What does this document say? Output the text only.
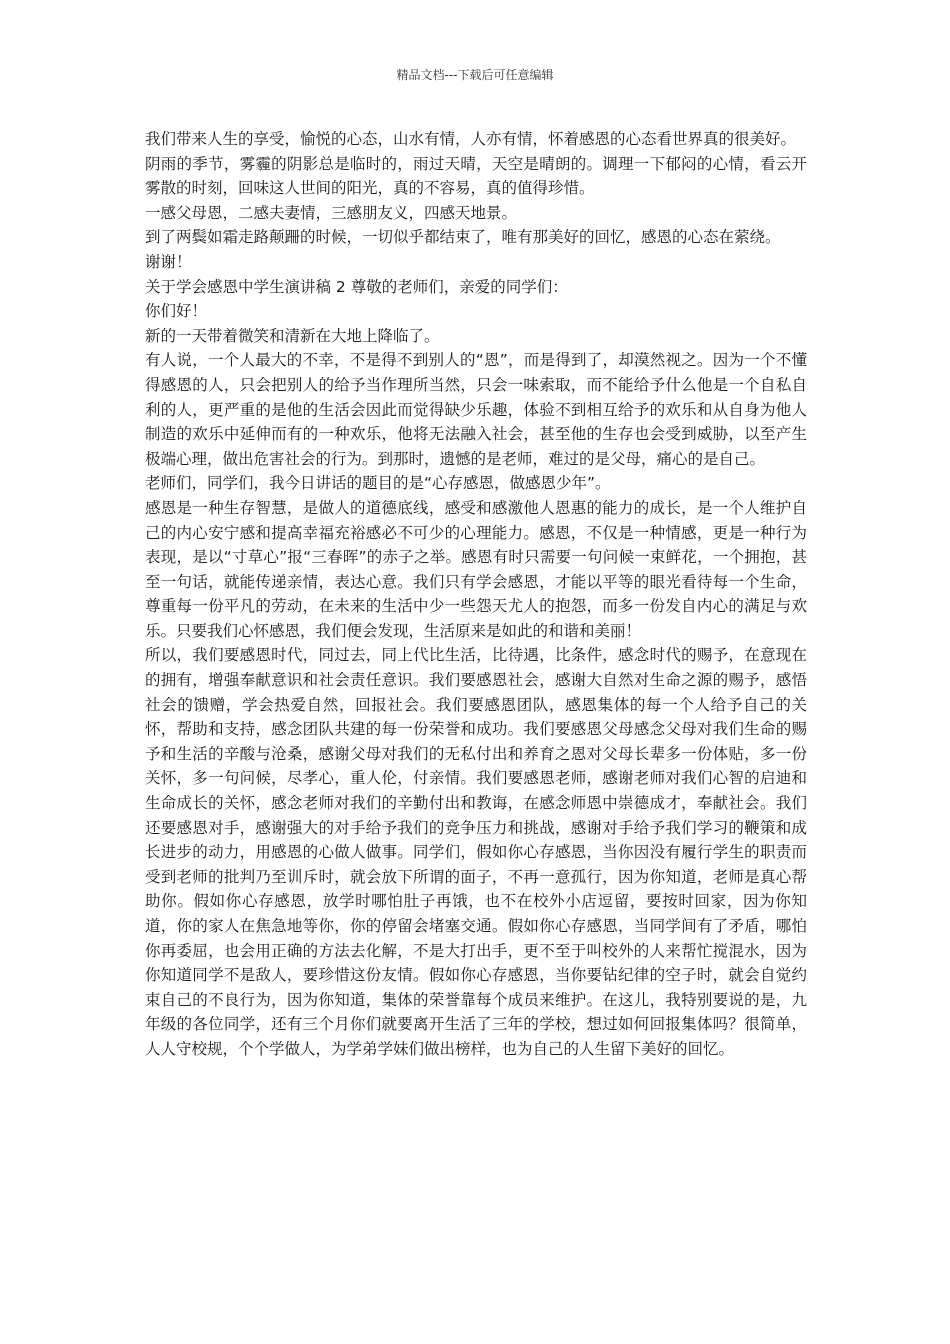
精品文档---下载后可任意编辑

我们带来人生的享受，愉悦的心态，山水有情，人亦有情，怀着感恩的心态看世界真的很美好。

阴雨的季节，雾霾的阴影总是临时的，雨过天晴，天空是晴朗的。调理一下郁闷的心情，看云开雾散的时刻，回味这人世间的阳光，真的不容易，真的值得珍惜。

一感父母恩，二感夫妻情，三感朋友义，四感天地景。

到了两鬓如霜走路颠跚的时候，一切似乎都结束了，唯有那美好的回忆，感恩的心态在萦绕。

谢谢！

关于学会感恩中学生演讲稿 2 尊敬的老师们，亲爱的同学们：

你们好！

新的一天带着微笑和清新在大地上降临了。

有人说，一个人最大的不幸，不是得不到别人的“恩”，而是得到了，却漠然视之。因为一个不懂得感恩的人，只会把别人的给予当作理所当然，只会一味索取，而不能给予什么他是一个自私自利的人，更严重的是他的生活会因此而觉得缺少乐趣，体验不到相互给予的欢乐和从自身为他人制造的欢乐中延伸而有的一种欢乐，他将无法融入社会，甚至他的生存也会受到威胁，以至产生极端心理，做出危害社会的行为。到那时，遗憾的是老师，难过的是父母，痛心的是自己。

老师们，同学们，我今日讲话的题目的是“心存感恩，做感恩少年”。

感恩是一种生存智慧，是做人的道德底线，感受和感激他人恩惠的能力的成长，是一个人维护自己的内心安宁感和提高幸福充裕感必不可少的心理能力。感恩，不仅是一种情感，更是一种行为表现，是以“寸草心”报“三春晖”的赤子之举。感恩有时只需要一句问候一束鲜花，一个拥抱，甚至一句话，就能传递亲情，表达心意。我们只有学会感恩，才能以平等的眼光看待每一个生命，尊重每一份平凡的劳动，在未来的生活中少一些怨天尤人的抱怨，而多一份发自内心的满足与欢乐。只要我们心怀感恩，我们便会发现，生活原来是如此的和谐和美丽！

所以，我们要感恩时代，同过去，同上代比生活，比待遇，比条件，感念时代的赐予，在意现在的拥有，增强奉献意识和社会责任意识。我们要感恩社会，感谢大自然对生命之源的赐予，感悟社会的馈赠，学会热爱自然，回报社会。我们要感恩团队，感恩集体的每一个人给予自己的关怀，帮助和支持，感念团队共建的每一份荣誉和成功。我们要感恩父母感念父母对我们生命的赐予和生活的辛酸与沧桑，感谢父母对我们的无私付出和养育之恩对父母长辈多一份体贴，多一份关怀，多一句问候，尽孝心，重人伦，付亲情。我们要感恩老师，感谢老师对我们心智的启迪和生命成长的关怀，感念老师对我们的辛勤付出和教诲，在感念师恩中崇德成才，奉献社会。我们还要感恩对手，感谢强大的对手给予我们的竞争压力和挑战，感谢对手给予我们学习的鞭策和成长进步的动力，用感恩的心做人做事。同学们，假如你心存感恩，当你因没有履行学生的职责而受到老师的批判乃至训斥时，就会放下所谓的面子，不再一意孤行，因为你知道，老师是真心帮助你。假如你心存感恩，放学时哪怕肚子再饿，也不在校外小店逗留，要按时回家，因为你知道，你的家人在焦急地等你，你的停留会堵塞交通。假如你心存感恩，当同学间有了矛盾，哪怕你再委屈，也会用正确的方法去化解，不是大打出手，更不至于叫校外的人来帮忙搅混水，因为你知道同学不是敌人，要珍惜这份友情。假如你心存感恩，当你要钻纪律的空子时，就会自觉约束自己的不良行为，因为你知道，集体的荣誉靠每个成员来维护。在这儿，我特别要说的是，九年级的各位同学，还有三个月你们就要离开生活了三年的学校，想过如何回报集体吗？很简单，人人守校规，个个学做人，为学弟学妹们做出榜样，也为自己的人生留下美好的回忆。
